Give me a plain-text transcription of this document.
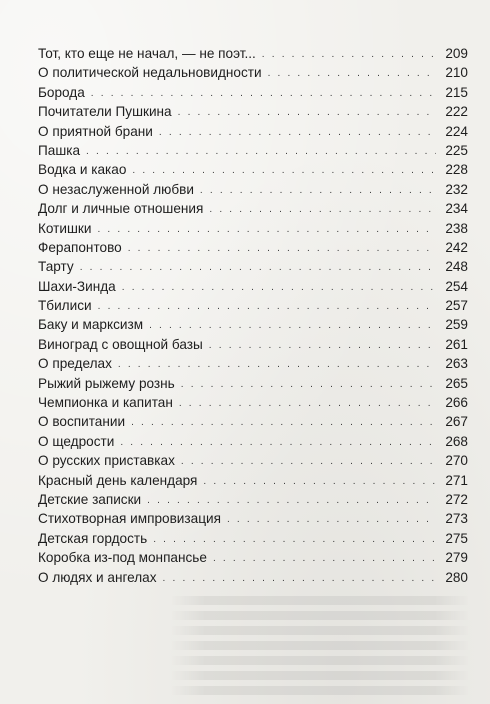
Тот, кто еще не начал, — не поэт... . . .	209
О политической недальновидности . . .	210
Борода . . .	215
Почитатели Пушкина . . .	222
О приятной брани . . .	224
Пашка . . .	225
Водка и какао . . .	228
О незаслуженной любви . . .	232
Долг и личные отношения . . .	234
Котишки . . .	238
Ферапонтово . . .	242
Тарту . . .	248
Шахи-Зинда . . .	254
Тбилиси . . .	257
Баку и марксизм . . .	259
Виноград с овощной базы . . .	261
О пределах . . .	263
Рыжий рыжему рознь . . .	265
Чемпионка и капитан . . .	266
О воспитании . . .	267
О щедрости . . .	268
О русских приставках . . .	270
Красный день календаря . . .	271
Детские записки . . .	272
Стихотворная импровизация . . .	273
Детская гордость . . .	275
Коробка из-под монпансье . . .	279
О людях и ангелах . . .	280
